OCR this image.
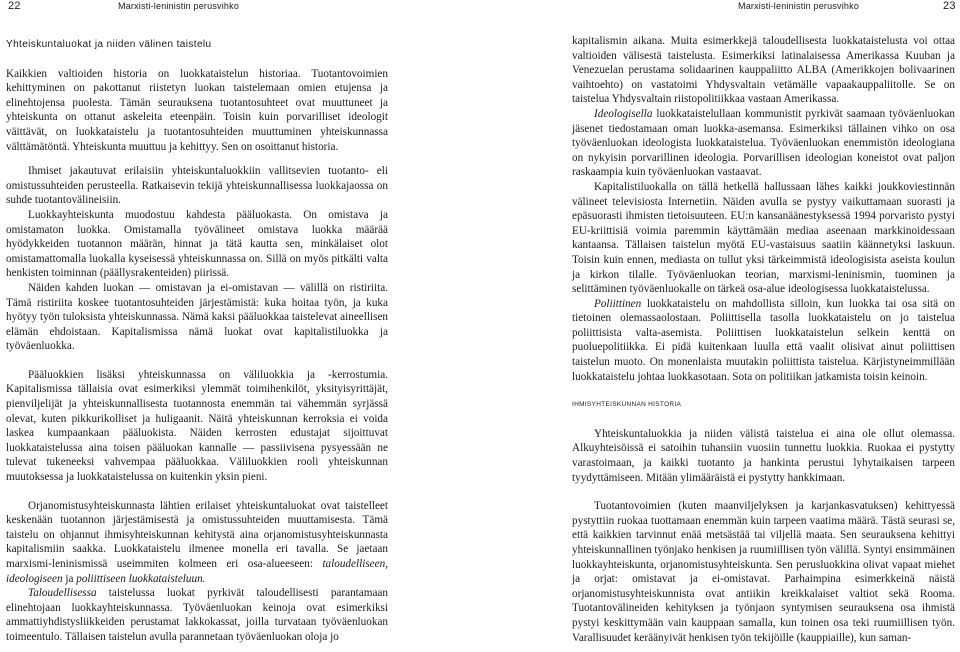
22	Marxisti-leninistin perusvihko	Marxisti-leninistin perusvihko	23
Yhteiskuntaluokat ja niiden välinen taistelu

Kaikkien valtioiden historia on luokkataistelun historiaa. Tuotantovoimien kehittyminen on pakottanut riistetyn luokan taistelemaan omien etujensa ja elinehtojensa puolesta. Tämän seurauksena tuotantosuhteet ovat muuttuneet ja yhteiskunta on ottanut askeleita eteenpäin. Toisin kuin porvarilliset ideologit väittävät, on luokkataistelu ja tuotantosuhteiden muuttuminen yhteiskunnassa välttämätöntä. Yhteiskunta muuttuu ja kehittyy. Sen on osoittanut historia.

Ihmiset jakautuvat erilaisiin yhteiskuntaluokkiin vallitsevien tuotanto- eli omistussuhteiden perusteella. Ratkaisevin tekijä yhteiskunnallisessa luokkajaossa on suhde tuotantovälineisiin.

Luokkayhteiskunta muodostuu kahdesta pääluokasta. On omistava ja omistamaton luokka. Omistamalla työvälineet omistava luokka määrää hyödykkeiden tuotannon määrän, hinnat ja tätä kautta sen, minkälaiset olot omistamattomalla luokalla kyseisessä yhteiskunnassa on. Sillä on myös pitkälti valta henkisten toiminnan (päällysrakenteiden) piirissä.

Näiden kahden luokan — omistavan ja ei-omistavan — välillä on ristiriita. Tämä ristiriita koskee tuotantosuhteiden järjestämistä: kuka hoitaa työn, ja kuka hyötyy työn tuloksista yhteiskunnassa. Nämä kaksi pääluokkaa taistelevat aineellisen elämän ehdoistaan. Kapitalismissa nämä luokat ovat kapitalistiluokka ja työväenluokka.

Pääluokkien lisäksi yhteiskunnassa on väliluokkia ja -kerrostumia. Kapitalismissa tällaisia ovat esimerkiksi ylemmät toimihenkilöt, yksityisyrittäjät, pienviljelijät ja yhteiskunnallisesta tuotannosta enemmän tai vähemmän syrjässä olevat, kuten pikkurikolliset ja huligaanit. Näitä yhteiskunnan kerroksia ei voida laskea kumpaankaan pääluokista. Näiden kerrosten edustajat sijoittuvat luokkataistelussa aina toisen pääluokan kannalle — passiivisena pysyessään ne tulevat tukeneeksi vahvempaa pääluokkaa. Väliluokkien rooli yhteiskunnan muutoksessa ja luokkataistelussa on kuitenkin yksin pieni.

Orjanomistusyhteiskunnasta lähtien erilaiset yhteiskuntaluokat ovat taistelleet keskenään tuotannon järjestämisestä ja omistussuhteiden muuttamisesta. Tämä taistelu on ohjannut ihmisyhteiskunnan kehitystä aina orjanomistusyhteiskunnasta kapitalismiin saakka. Luokkataistelu ilmenee monella eri tavalla. Se jaetaan marxismi-leninismissä useimmiten kolmeen eri osa-alueeseen: taloudelliseen, ideologiseen ja poliittiseen luokkataisteluun.

Taloudellisessa taistelussa luokat pyrkivät taloudellisesti parantamaan elinehtojaan luokkayhteiskunnassa. Työväenluokan keinoja ovat esimerkiksi ammattiyhdistysliikkeiden perustamat lakkokassat, joilla turvataan työväenluokan toimeentulo. Tällaisen taistelun avulla parannetaan työväenluokan oloja jo

kapitalismin aikana. Muita esimerkkejä taloudellisesta luokkataistelusta voi ottaa valtioiden välisestä taistelusta. Esimerkiksi latinalaisessa Amerikassa Kuuban ja Venezuelan perustama solidaarinen kauppaliitto ALBA (Amerikkojen bolivaarinen vaihtoehto) on vastatoimi Yhdysvaltain vetämälle vapaakauppaliitolle. Se on taistelua Yhdysvaltain riistopolitiikkaa vastaan Amerikassa.

Ideologisella luokkataistelullaan kommunistit pyrkivät saamaan työväenluokan jäsenet tiedostamaan oman luokka-asemansa. Esimerkiksi tällainen vihko on osa työväenluokan ideologista luokkataistelua. Työväenluokan enemmistön ideologiana on nykyisin porvarillinen ideologia. Porvarillisen ideologian koneistot ovat paljon raskaampia kuin työväenluokan vastaavat.

Kapitalistiluokalla on tällä hetkellä hallussaan lähes kaikki joukkoviestinnän välineet televisiosta Internetiin. Näiden avulla se pystyy vaikuttamaan suorasti ja epäsuorasti ihmisten tietoisuuteen. EU:n kansanäänestyksessä 1994 porvaristo pystyi EU-kriittisiä voimia paremmin käyttämään mediaa aseenaan markkinoidessaan kantaansa. Tällaisen taistelun myötä EU-vastaisuus saatiin käännetyksi laskuun. Toisin kuin ennen, mediasta on tullut yksi tärkeimmistä ideologisista aseista koulun ja kirkon tilalle. Työväenluokan teorian, marxismi-leninismin, tuominen ja selittäminen työväenluokalle on tärkeä osa-alue ideologisessa luokkataistelussa.

Poliittinen luokkataistelu on mahdollista silloin, kun luokka tai osa sitä on tietoinen olemassaolostaan. Poliittisella tasolla luokkataistelu on jo taistelua poliittisista valta-asemista. Poliittisen luokkataistelun selkein kenttä on puoluepolitiikka. Ei pidä kuitenkaan luulla että vaalit olisivat ainut poliittisen taistelun muoto. On monenlaista muutakin poliittista taistelua. Kärjistyneimmillään luokkataistelu johtaa luokkasotaan. Sota on politiikan jatkamista toisin keinoin.

IHMISYHTEISKUNNAN HISTORIA

Yhteiskuntaluokkia ja niiden välistä taistelua ei aina ole ollut olemassa. Alkuyhteisöissä ei satoihin tuhansiin vuosiin tunnettu luokkia. Ruokaa ei pystytty varastoimaan, ja kaikki tuotanto ja hankinta perustui lyhytaikaisen tarpeen tyydyttämiseen. Mitään ylimääräistä ei pystytty hankkimaan.

Tuotantovoimien (kuten maanviljelyksen ja karjankasvatuksen) kehittyessä pystyttiin ruokaa tuottamaan enemmän kuin tarpeen vaatima määrä. Tästä seurasi se, että kaikkien tarvinnut enää metsästää tai viljellä maata. Sen seurauksena kehittyi yhteiskunnallinen työnjako henkisen ja ruumiillisen työn välillä. Syntyi ensimmäinen luokkayhteiskunta, orjanomistusyhteiskunta. Sen perusluokkina olivat vapaat miehet ja orjat: omistavat ja ei-omistavat. Parhaimpina esimerkkeinä näistä orjanomistusyhteiskunnista ovat antiikin kreikkalaiset valtiot sekä Rooma. Tuotantovälineiden kehityksen ja työnjaon syntymisen seurauksena osa ihmistä pystyi keskittymään vain kauppaan samalla, kun toinen osa teki ruumiillisen työn. Varallisuudet keräänyivät henkisen työn tekijöille (kauppiaille), kun saman-
